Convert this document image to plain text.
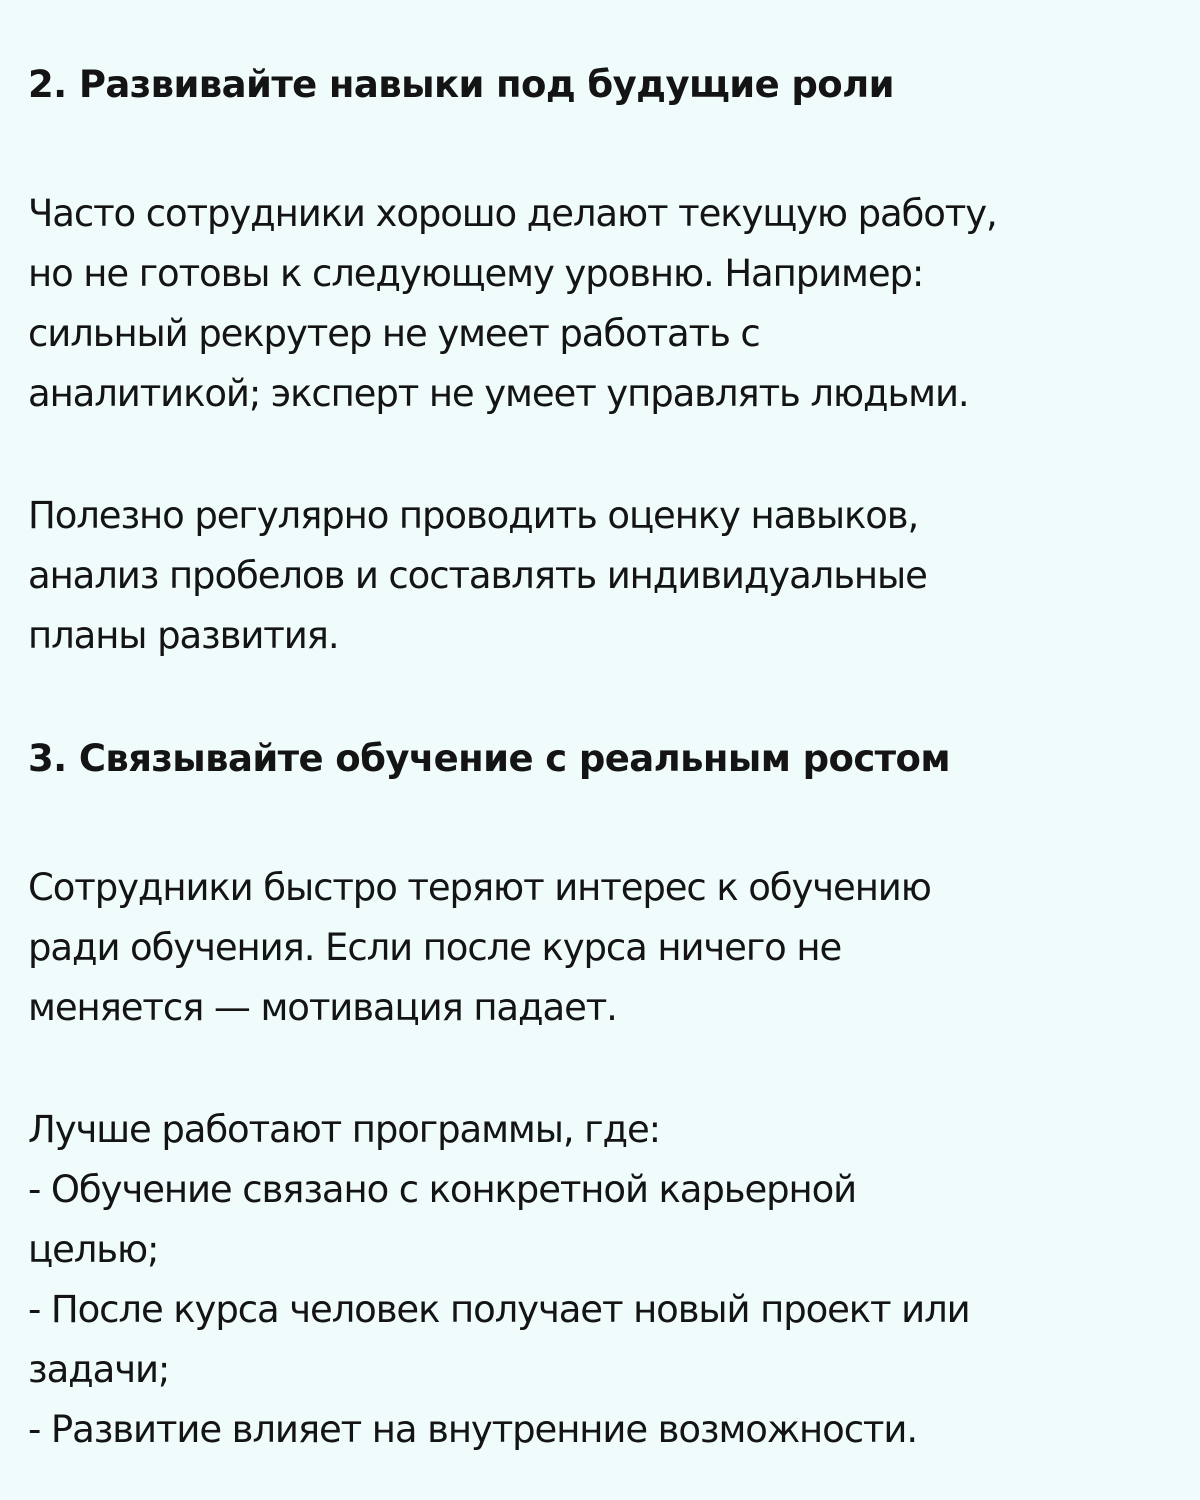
2. Развивайте навыки под будущие роли

Часто сотрудники хорошо делают текущую работу,
но не готовы к следующему уровню. Например:
сильный рекрутер не умеет работать с
аналитикой; эксперт не умеет управлять людьми.

Полезно регулярно проводить оценку навыков,
анализ пробелов и составлять индивидуальные
планы развития.

3. Связывайте обучение с реальным ростом

Сотрудники быстро теряют интерес к обучению
ради обучения. Если после курса ничего не
меняется — мотивация падает.

Лучше работают программы, где:
- Обучение связано с конкретной карьерной
целью;
- После курса человек получает новый проект или
задачи;
- Развитие влияет на внутренние возможности.
